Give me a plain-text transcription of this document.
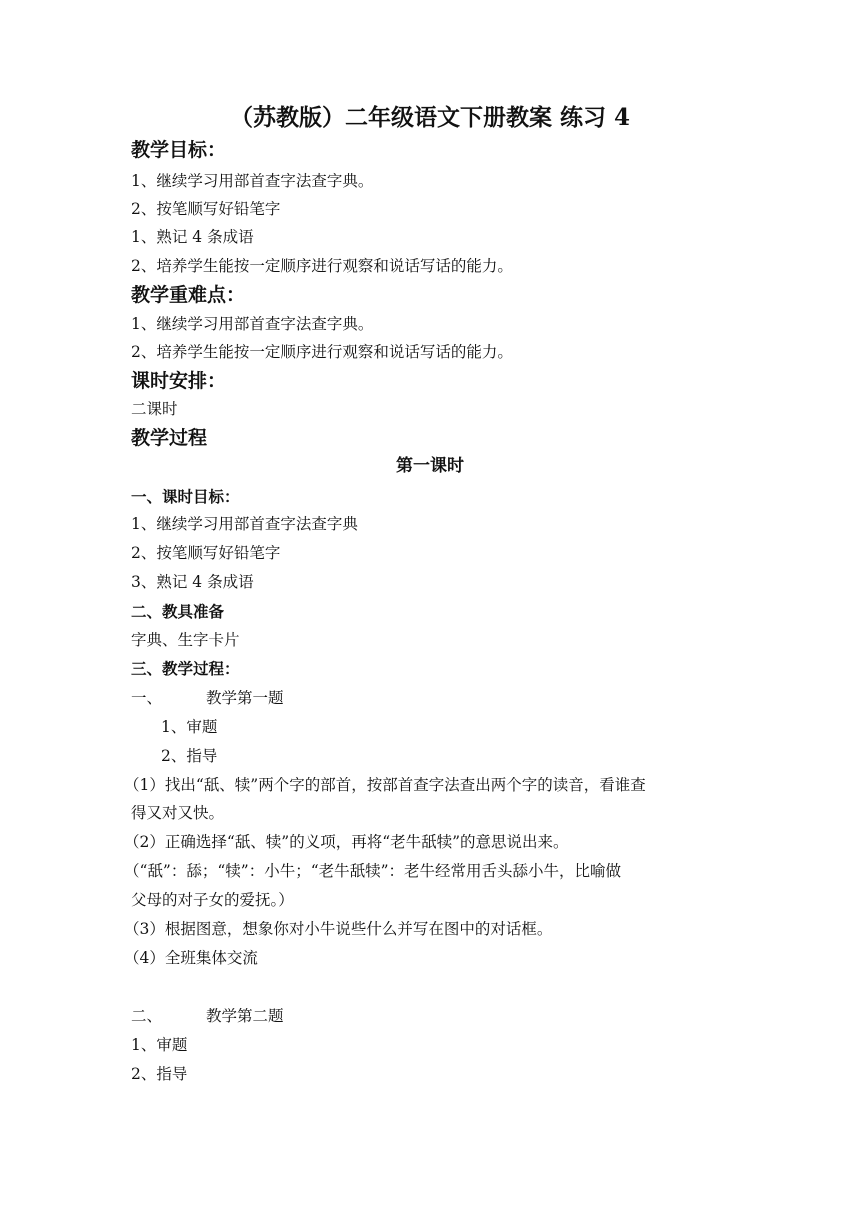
（苏教版）二年级语文下册教案 练习 4
教学目标：
1、继续学习用部首查字法查字典。
2、按笔顺写好铅笔字
1、熟记 4 条成语
2、培养学生能按一定顺序进行观察和说话写话的能力。
教学重难点：
1、继续学习用部首查字法查字典。
2、培养学生能按一定顺序进行观察和说话写话的能力。
课时安排：
二课时
教学过程
第一课时
一、课时目标：
1、继续学习用部首查字法查字典
2、按笔顺写好铅笔字
3、熟记 4 条成语
二、教具准备
字典、生字卡片
三、教学过程：
一、	教学第一题
1、审题
2、指导
（1）找出“舐、犊”两个字的部首，按部首查字法查出两个字的读音，看谁查
得又对又快。
（2）正确选择“舐、犊”的义项，再将“老牛舐犊”的意思说出来。
（“舐”：舔；“犊”：小牛；“老牛舐犊”：老牛经常用舌头舔小牛，比喻做
父母的对子女的爱抚。）
（3）根据图意，想象你对小牛说些什么并写在图中的对话框。
（4）全班集体交流
二、	教学第二题
1、审题
2、指导
